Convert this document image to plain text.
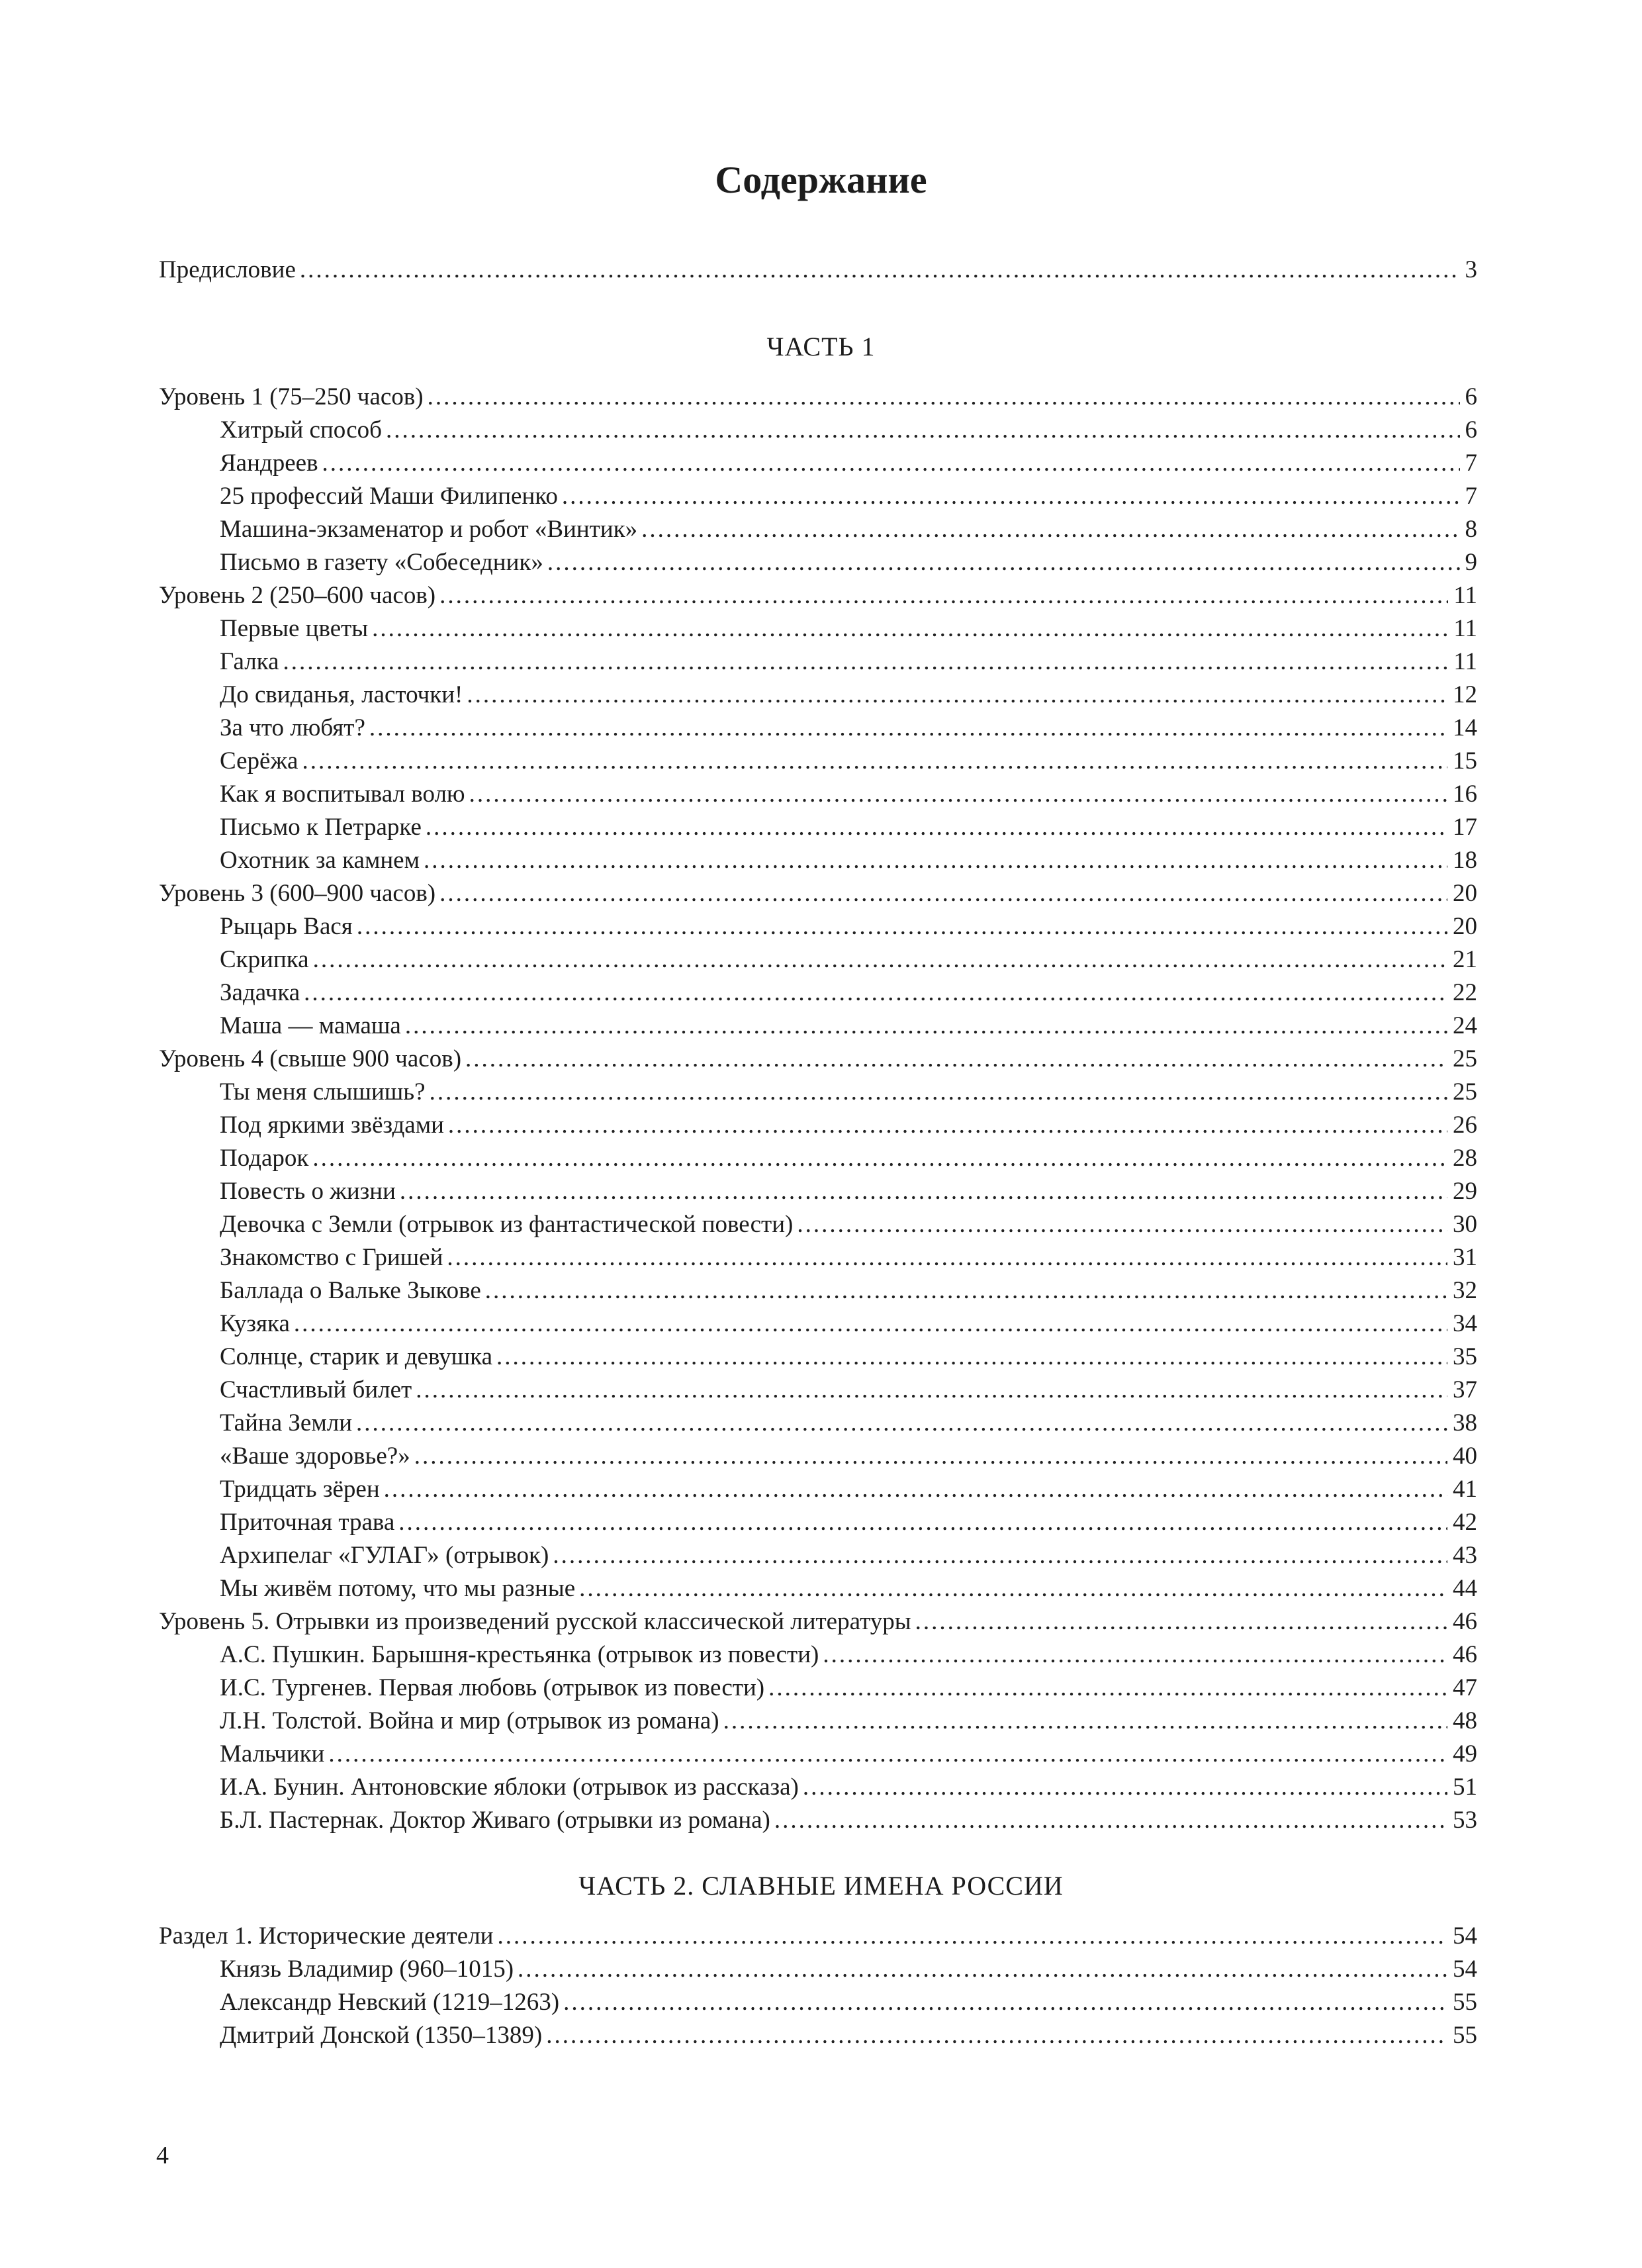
Содержание
Предисловие .....	3
ЧАСТЬ 1
Уровень 1 (75–250 часов) .....	6
Хитрый способ .....	6
Яандреев .....	7
25 профессий Маши Филипенко .....	7
Машина-экзаменатор и робот «Винтик» .....	8
Письмо в газету «Собеседник» .....	9
Уровень 2 (250–600 часов) .....	11
Первые цветы .....	11
Галка .....	11
До свиданья, ласточки! .....	12
За что любят? .....	14
Серёжа .....	15
Как я воспитывал волю .....	16
Письмо к Петрарке .....	17
Охотник за камнем .....	18
Уровень 3 (600–900 часов) .....	20
Рыцарь Вася .....	20
Скрипка .....	21
Задачка .....	22
Маша — мамаша .....	24
Уровень 4 (свыше 900 часов) .....	25
Ты меня слышишь? .....	25
Под яркими звёздами .....	26
Подарок .....	28
Повесть о жизни .....	29
Девочка с Земли (отрывок из фантастической повести) .....	30
Знакомство с Гришей .....	31
Баллада о Вальке Зыкове .....	32
Кузяка .....	34
Солнце, старик и девушка .....	35
Счастливый билет .....	37
Тайна Земли .....	38
«Ваше здоровье?» .....	40
Тридцать зёрен .....	41
Приточная трава .....	42
Архипелаг «ГУЛАГ» (отрывок) .....	43
Мы живём потому, что мы разные .....	44
Уровень 5. Отрывки из произведений русской классической литературы .....	46
А.С. Пушкин. Барышня-крестьянка (отрывок из повести) .....	46
И.С. Тургенев. Первая любовь (отрывок из повести) .....	47
Л.Н. Толстой. Война и мир (отрывок из романа) .....	48
Мальчики .....	49
И.А. Бунин. Антоновские яблоки (отрывок из рассказа) .....	51
Б.Л. Пастернак. Доктор Живаго (отрывки из романа) .....	53
ЧАСТЬ 2. СЛАВНЫЕ ИМЕНА РОССИИ
Раздел 1. Исторические деятели .....	54
Князь Владимир (960–1015) .....	54
Александр Невский (1219–1263) .....	55
Дмитрий Донской (1350–1389) .....	55
4
